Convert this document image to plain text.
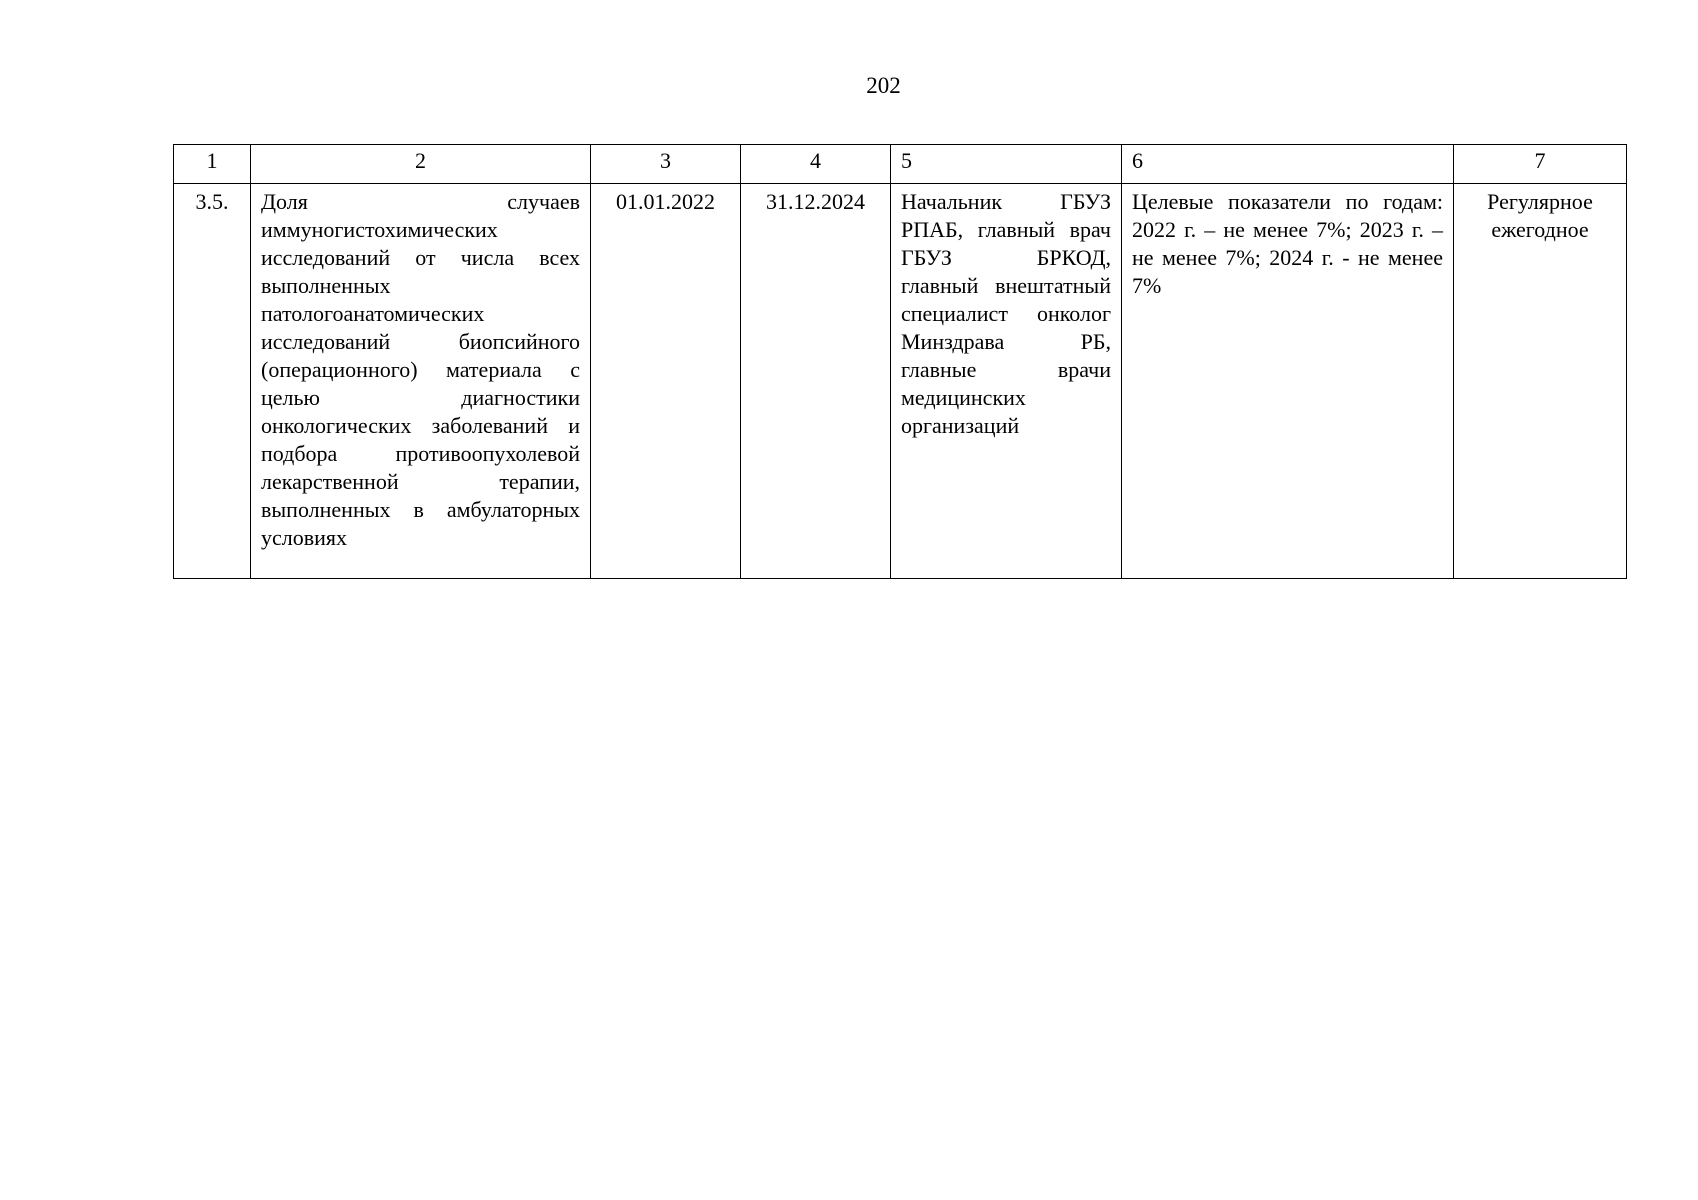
202
1	2	3	4	5	6	7
3.5.	Доля случаев иммуногистохимических исследований от числа всех выполненных патологоанатомических исследований биопсийного (операционного) материала с целью диагностики онкологических заболеваний и подбора противоопухолевой лекарственной терапии, выполненных в амбулаторных условиях	01.01.2022	31.12.2024	Начальник ГБУЗ РПАБ, главный врач ГБУЗ БРКОД, главный внештатный специалист онколог Минздрава РБ, главные врачи медицинских организаций	Целевые показатели по годам: 2022 г. – не менее 7%; 2023 г. – не менее 7%; 2024 г. - не менее 7%	Регулярное ежегодное
